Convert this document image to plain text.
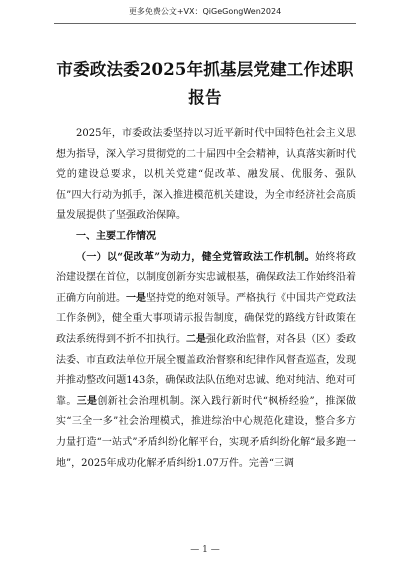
更多免费公文+VX：QiGeGongWen2024
市委政法委2025年抓基层党建工作述职
报告

2025年，市委政法委坚持以习近平新时代中国特色社会主义思想为指导，深入学习贯彻党的二十届四中全会精神，认真落实新时代党的建设总要求，以机关党建“促改革、融发展、优服务、强队伍”四大行动为抓手，深入推进模范机关建设，为全市经济社会高质量发展提供了坚强政治保障。

一、主要工作情况

（一）以“促改革”为动力，健全党管政法工作机制。始终将政治建设摆在首位，以制度创新夯实忠诚根基，确保政法工作始终沿着正确方向前进。一是坚持党的绝对领导。严格执行《中国共产党政法工作条例》，健全重大事项请示报告制度，确保党的路线方针政策在政法系统得到不折不扣执行。二是强化政治监督，对各县（区）委政法委、市直政法单位开展全覆盖政治督察和纪律作风督查巡查，发现并推动整改问题143条，确保政法队伍绝对忠诚、绝对纯洁、绝对可靠。三是创新社会治理机制。深入践行新时代“枫桥经验”，推深做实“三全一多”社会治理模式，推进综治中心规范化建设，整合多方力量打造“一站式”矛盾纠纷化解平台，实现矛盾纠纷化解“最多跑一地”，2025年成功化解矛盾纠纷1.07万件。完善“三调

— 1 —
